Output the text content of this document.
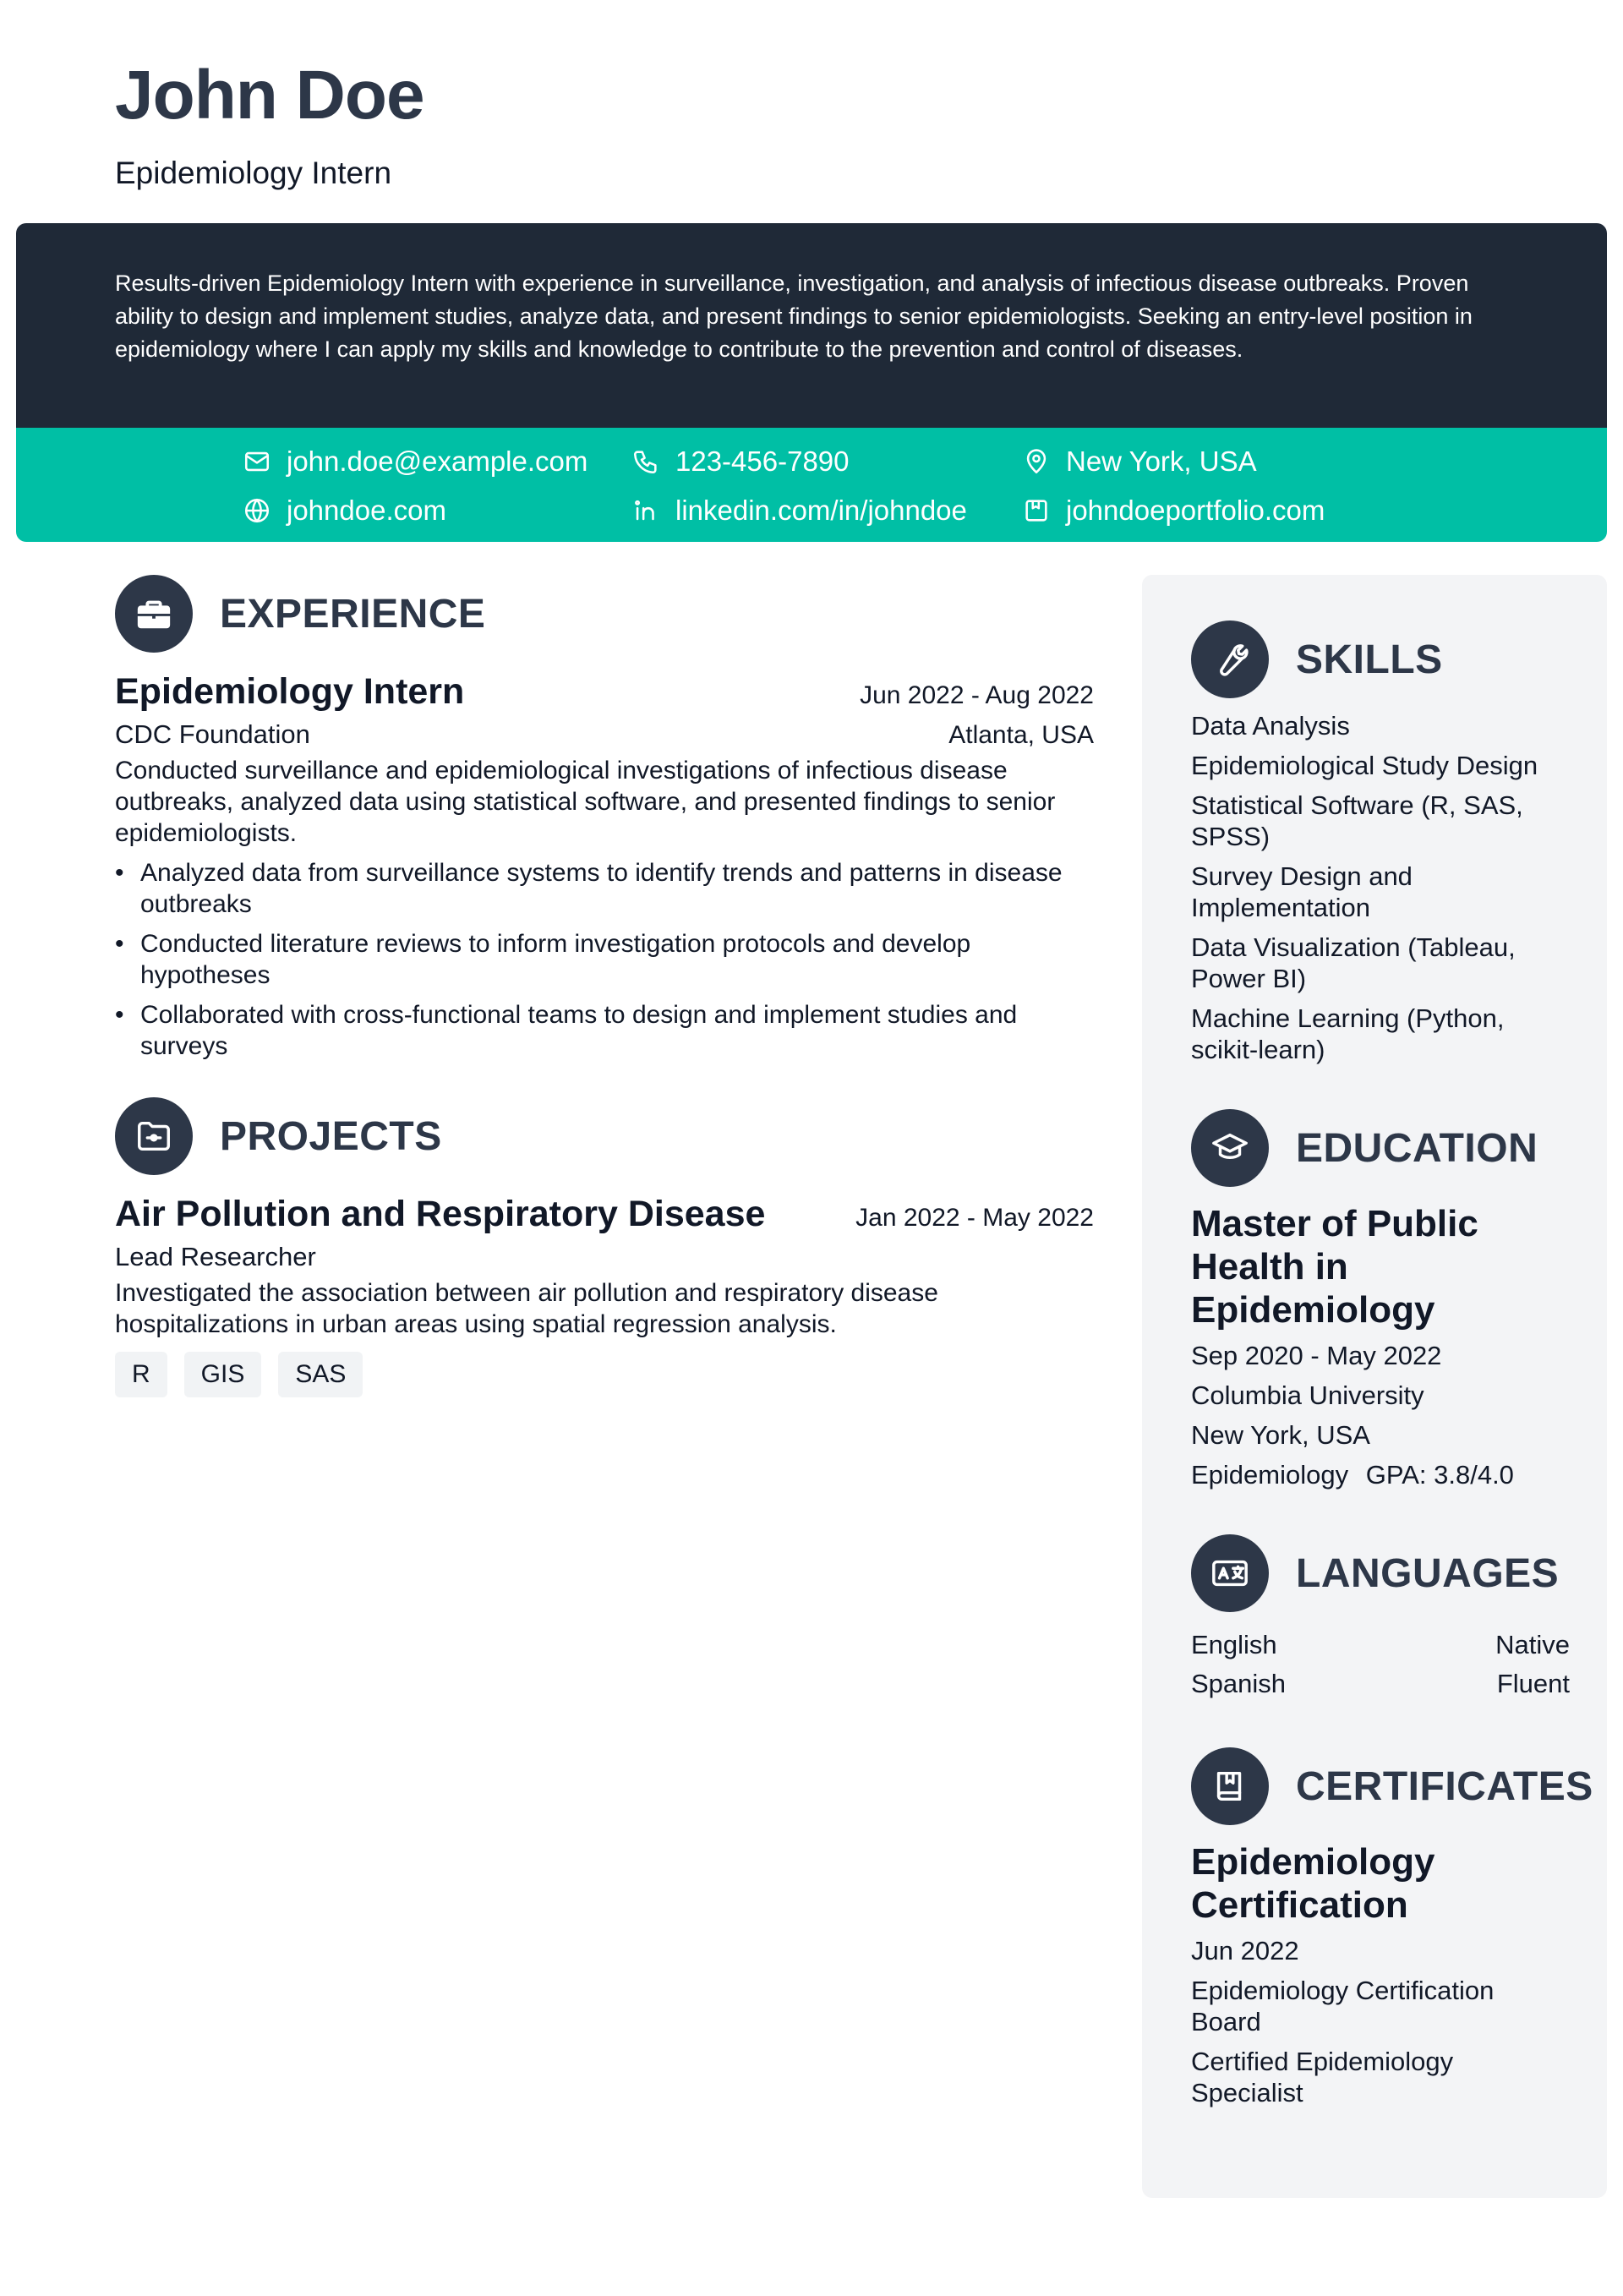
John Doe
Epidemiology Intern
Results-driven Epidemiology Intern with experience in surveillance, investigation, and analysis of infectious disease outbreaks. Proven ability to design and implement studies, analyze data, and present findings to senior epidemiologists. Seeking an entry-level position in epidemiology where I can apply my skills and knowledge to contribute to the prevention and control of diseases.
john.doe@example.com	123-456-7890	New York, USA
johndoe.com	linkedin.com/in/johndoe	johndoeportfolio.com
EXPERIENCE
Epidemiology Intern	Jun 2022 - Aug 2022
CDC Foundation	Atlanta, USA
Conducted surveillance and epidemiological investigations of infectious disease outbreaks, analyzed data using statistical software, and presented findings to senior epidemiologists.
• Analyzed data from surveillance systems to identify trends and patterns in disease outbreaks
• Conducted literature reviews to inform investigation protocols and develop hypotheses
• Collaborated with cross-functional teams to design and implement studies and surveys
PROJECTS
Air Pollution and Respiratory Disease	Jan 2022 - May 2022
Lead Researcher
Investigated the association between air pollution and respiratory disease hospitalizations in urban areas using spatial regression analysis.
R	GIS	SAS
SKILLS
Data Analysis
Epidemiological Study Design
Statistical Software (R, SAS, SPSS)
Survey Design and Implementation
Data Visualization (Tableau, Power BI)
Machine Learning (Python, scikit-learn)
EDUCATION
Master of Public Health in Epidemiology
Sep 2020 - May 2022
Columbia University
New York, USA
Epidemiology GPA: 3.8/4.0
LANGUAGES
English	Native
Spanish	Fluent
CERTIFICATES
Epidemiology Certification
Jun 2022
Epidemiology Certification Board
Certified Epidemiology Specialist
